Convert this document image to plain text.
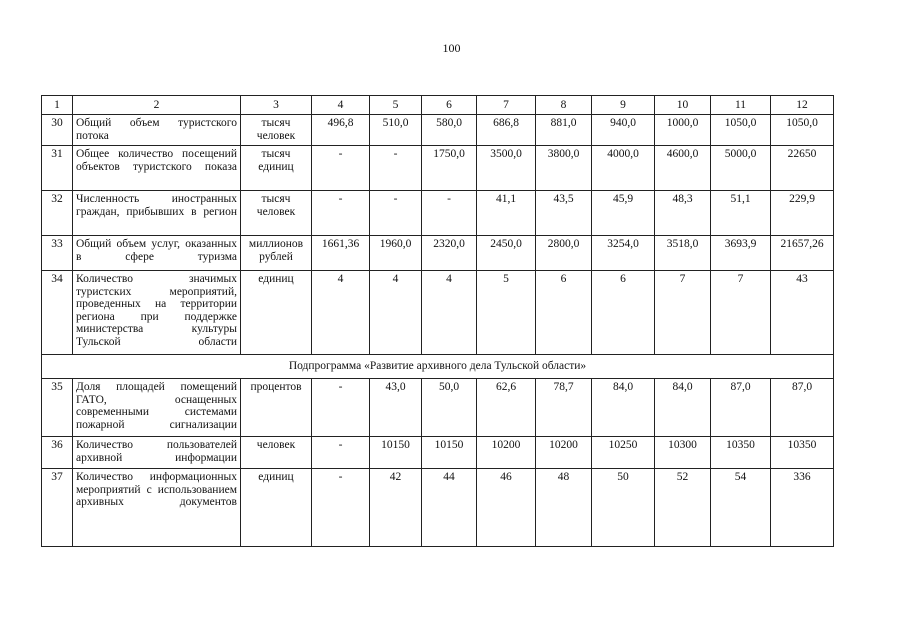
100
1	2	3	4	5	6	7	8	9	10	11	12
30	Общий объем туристского потока	тысяч человек	496,8	510,0	580,0	686,8	881,0	940,0	1000,0	1050,0	1050,0
31	Общее количество посещений объектов туристского показа	тысяч единиц	-	-	1750,0	3500,0	3800,0	4000,0	4600,0	5000,0	22650
32	Численность иностранных граждан, прибывших в регион	тысяч человек	-	-	-	41,1	43,5	45,9	48,3	51,1	229,9
33	Общий объем услуг, оказанных в сфере туризма	миллионов рублей	1661,36	1960,0	2320,0	2450,0	2800,0	3254,0	3518,0	3693,9	21657,26
34	Количество значимых туристских мероприятий, проведенных на территории региона при поддержке министерства культуры Тульской области	единиц	4	4	4	5	6	6	7	7	43
Подпрограмма «Развитие архивного дела Тульской области»											
35	Доля площадей помещений ГАТО, оснащенных современными системами пожарной сигнализации	процентов	-	43,0	50,0	62,6	78,7	84,0	84,0	87,0	87,0
36	Количество пользователей архивной информации	человек	-	10150	10150	10200	10200	10250	10300	10350	10350
37	Количество информационных мероприятий с использованием архивных документов	единиц	-	42	44	46	48	50	52	54	336
